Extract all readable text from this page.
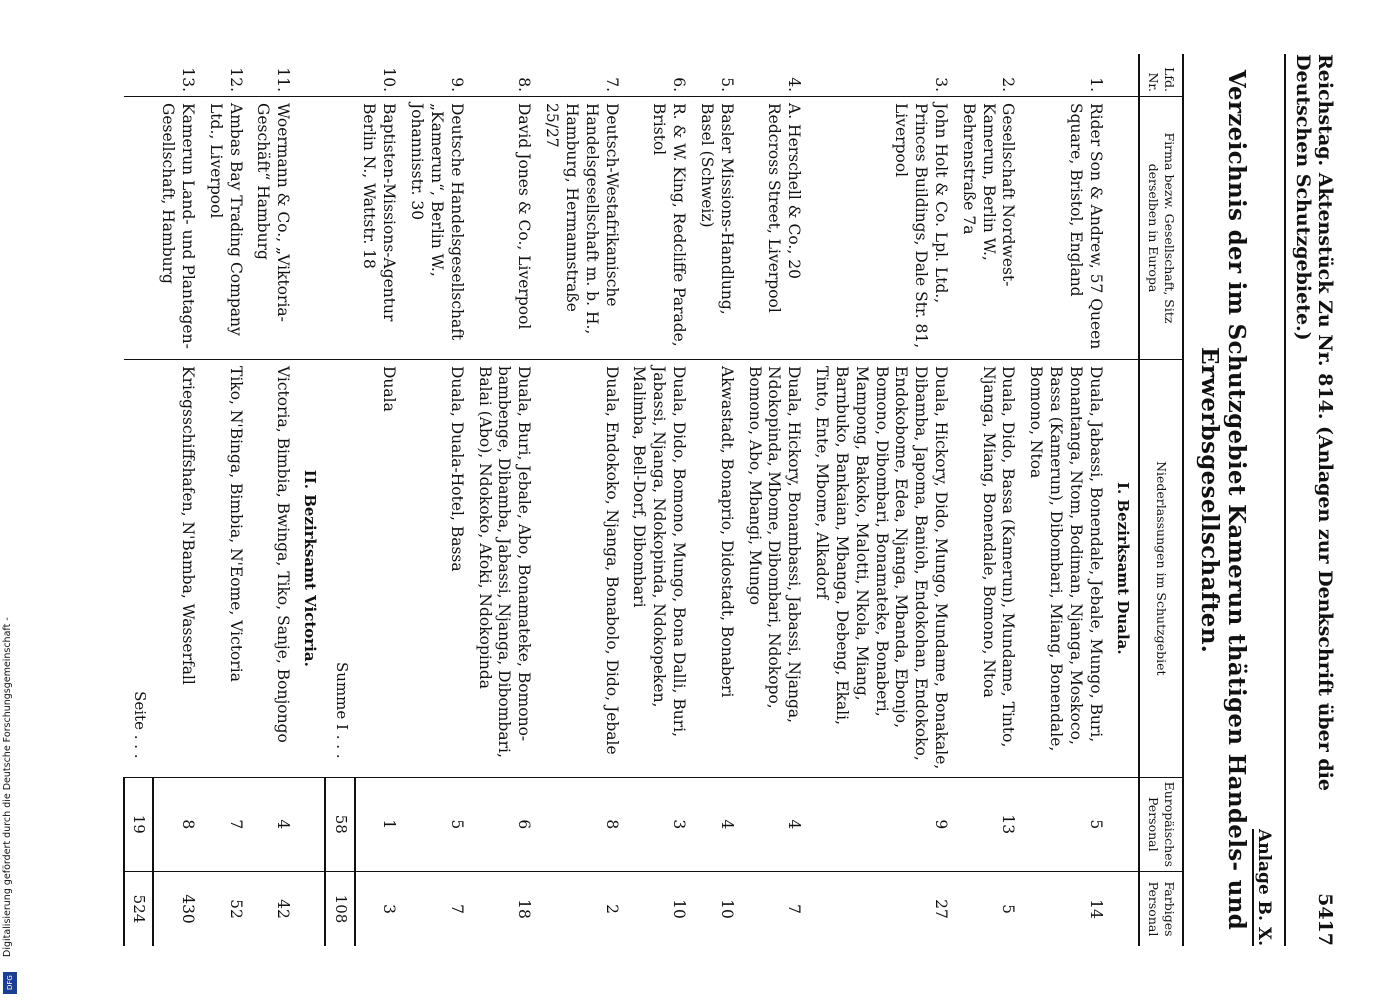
Reichstag. Aktenstück Zu Nr. 814. (Anlagen zur Denkschrift über die Deutschen Schutzgebiete.)
5417
Anlage B. X.
Verzeichnis der im Schutzgebiet Kamerun thätigen Handels- und Erwerbsgesellschaften.
Lfd. Nr.	Firma bezw. Gesellschaft, Sitz derselben in Europa	Niederlassungen im Schutzgebiet	Europäisches Personal	Farbiges Personal
		I. Bezirksamt Duala.		
1.	Rider Son & Andrew, 57 Queen Square, Bristol, England	Duala, Jabassi, Bonendale, Jebale, Mungo, Buri, Bonantanga, Ntom, Bodiman, Njanga, Moskoco, Bassa (Kamerun), Dibombari, Miang, Bonendale, Bomono, Ntoa	5	14
2.	Gesellschaft Nordwest-Kamerun, Berlin W., Behrenstraße 7a	Duala, Dido, Bassa (Kamerun), Mundame, Tinto, Njanga, Miang, Bonendale, Bomono, Ntoa	13	5
3.	John Holt & Co. Lpl. Ltd., Princes Buildings, Dale Str. 81, Liverpool	Duala, Hickory, Dido, Mungo, Mundame, Bonakale, Dibamba, Japoma, Banioh, Endokohan, Endokoko, Endokobome, Edea, Njanga, Mbanda, Ebonjo, Bomono, Dibombari, Bonamateke, Bonaberi, Mampong, Bakoko, Malotti, Nkola, Miang, Barnbuko, Bankaian, Mbanga, Debeng, Ekali, Tinto, Ente, Mbome, Alkadorf	9	27
4.	A. Herschell & Co., 20 Redcross Street, Liverpool	Duala, Hickory, Bonambassi, Jabassi, Njanga, Ndokopinda, Mbome, Dibombari, Ndokopo, Bomono, Abo, Mbangi, Mungo	4	7
5.	Basler Missions-Handlung, Basel (Schweiz)	Akwastadt, Bonaprio, Didostadt, Bonaberi	4	10
6.	R. & W. King, Redcliffe Parade, Bristol	Duala, Dido, Bomono, Mungo, Bona Dalli, Buri, Jabassi, Njanga, Ndokopinda, Ndokopeken, Malimba, Bell-Dorf, Dibombari	3	10
7.	Deutsch-Westafrikanische Handelsgesellschaft m. b. H., Hamburg, Hermannstraße 25/27	Duala, Endokoko, Njanga, Bonabolo, Dido, Jebale	8	2
8.	David Jones & Co., Liverpool	Duala, Buri, Jebale, Abo, Bonamateke, Bomono-bambenge, Dibamba, Jabassi, Njanga, Dibombari, Balai (Abo), Ndokoko, Afoki, Ndokopinda	6	18
9.	Deutsche Handelsgesellschaft „Kamerun“, Berlin W., Johannisstr. 30	Duala, Duala-Hotel, Bassa	5	7
10.	Baptisten-Missions-Agentur Berlin N., Wattstr. 18	Duala	1	3
		Summe I . . .	58	108
		II. Bezirksamt Victoria.		
11.	Woermann & Co., „Viktoria-Geschäft“ Hamburg	Victoria, Bimbia, Bwinga, Tiko, Sanje, Bonjongo	4	42
12.	Ambas Bay Trading Company Ltd., Liverpool	Tiko, N'Binga, Bimbia, N'Eome, Victoria	7	52
13.	Kamerun Land- und Plantagen-Gesellschaft, Hamburg	Kriegsschiffshafen, N'Bamba, Wasserfall	8	430
		Seite . . .	19	524
Digitalisierung gefördert durch die Deutsche Forschungsgemeinschaft -
DFG
